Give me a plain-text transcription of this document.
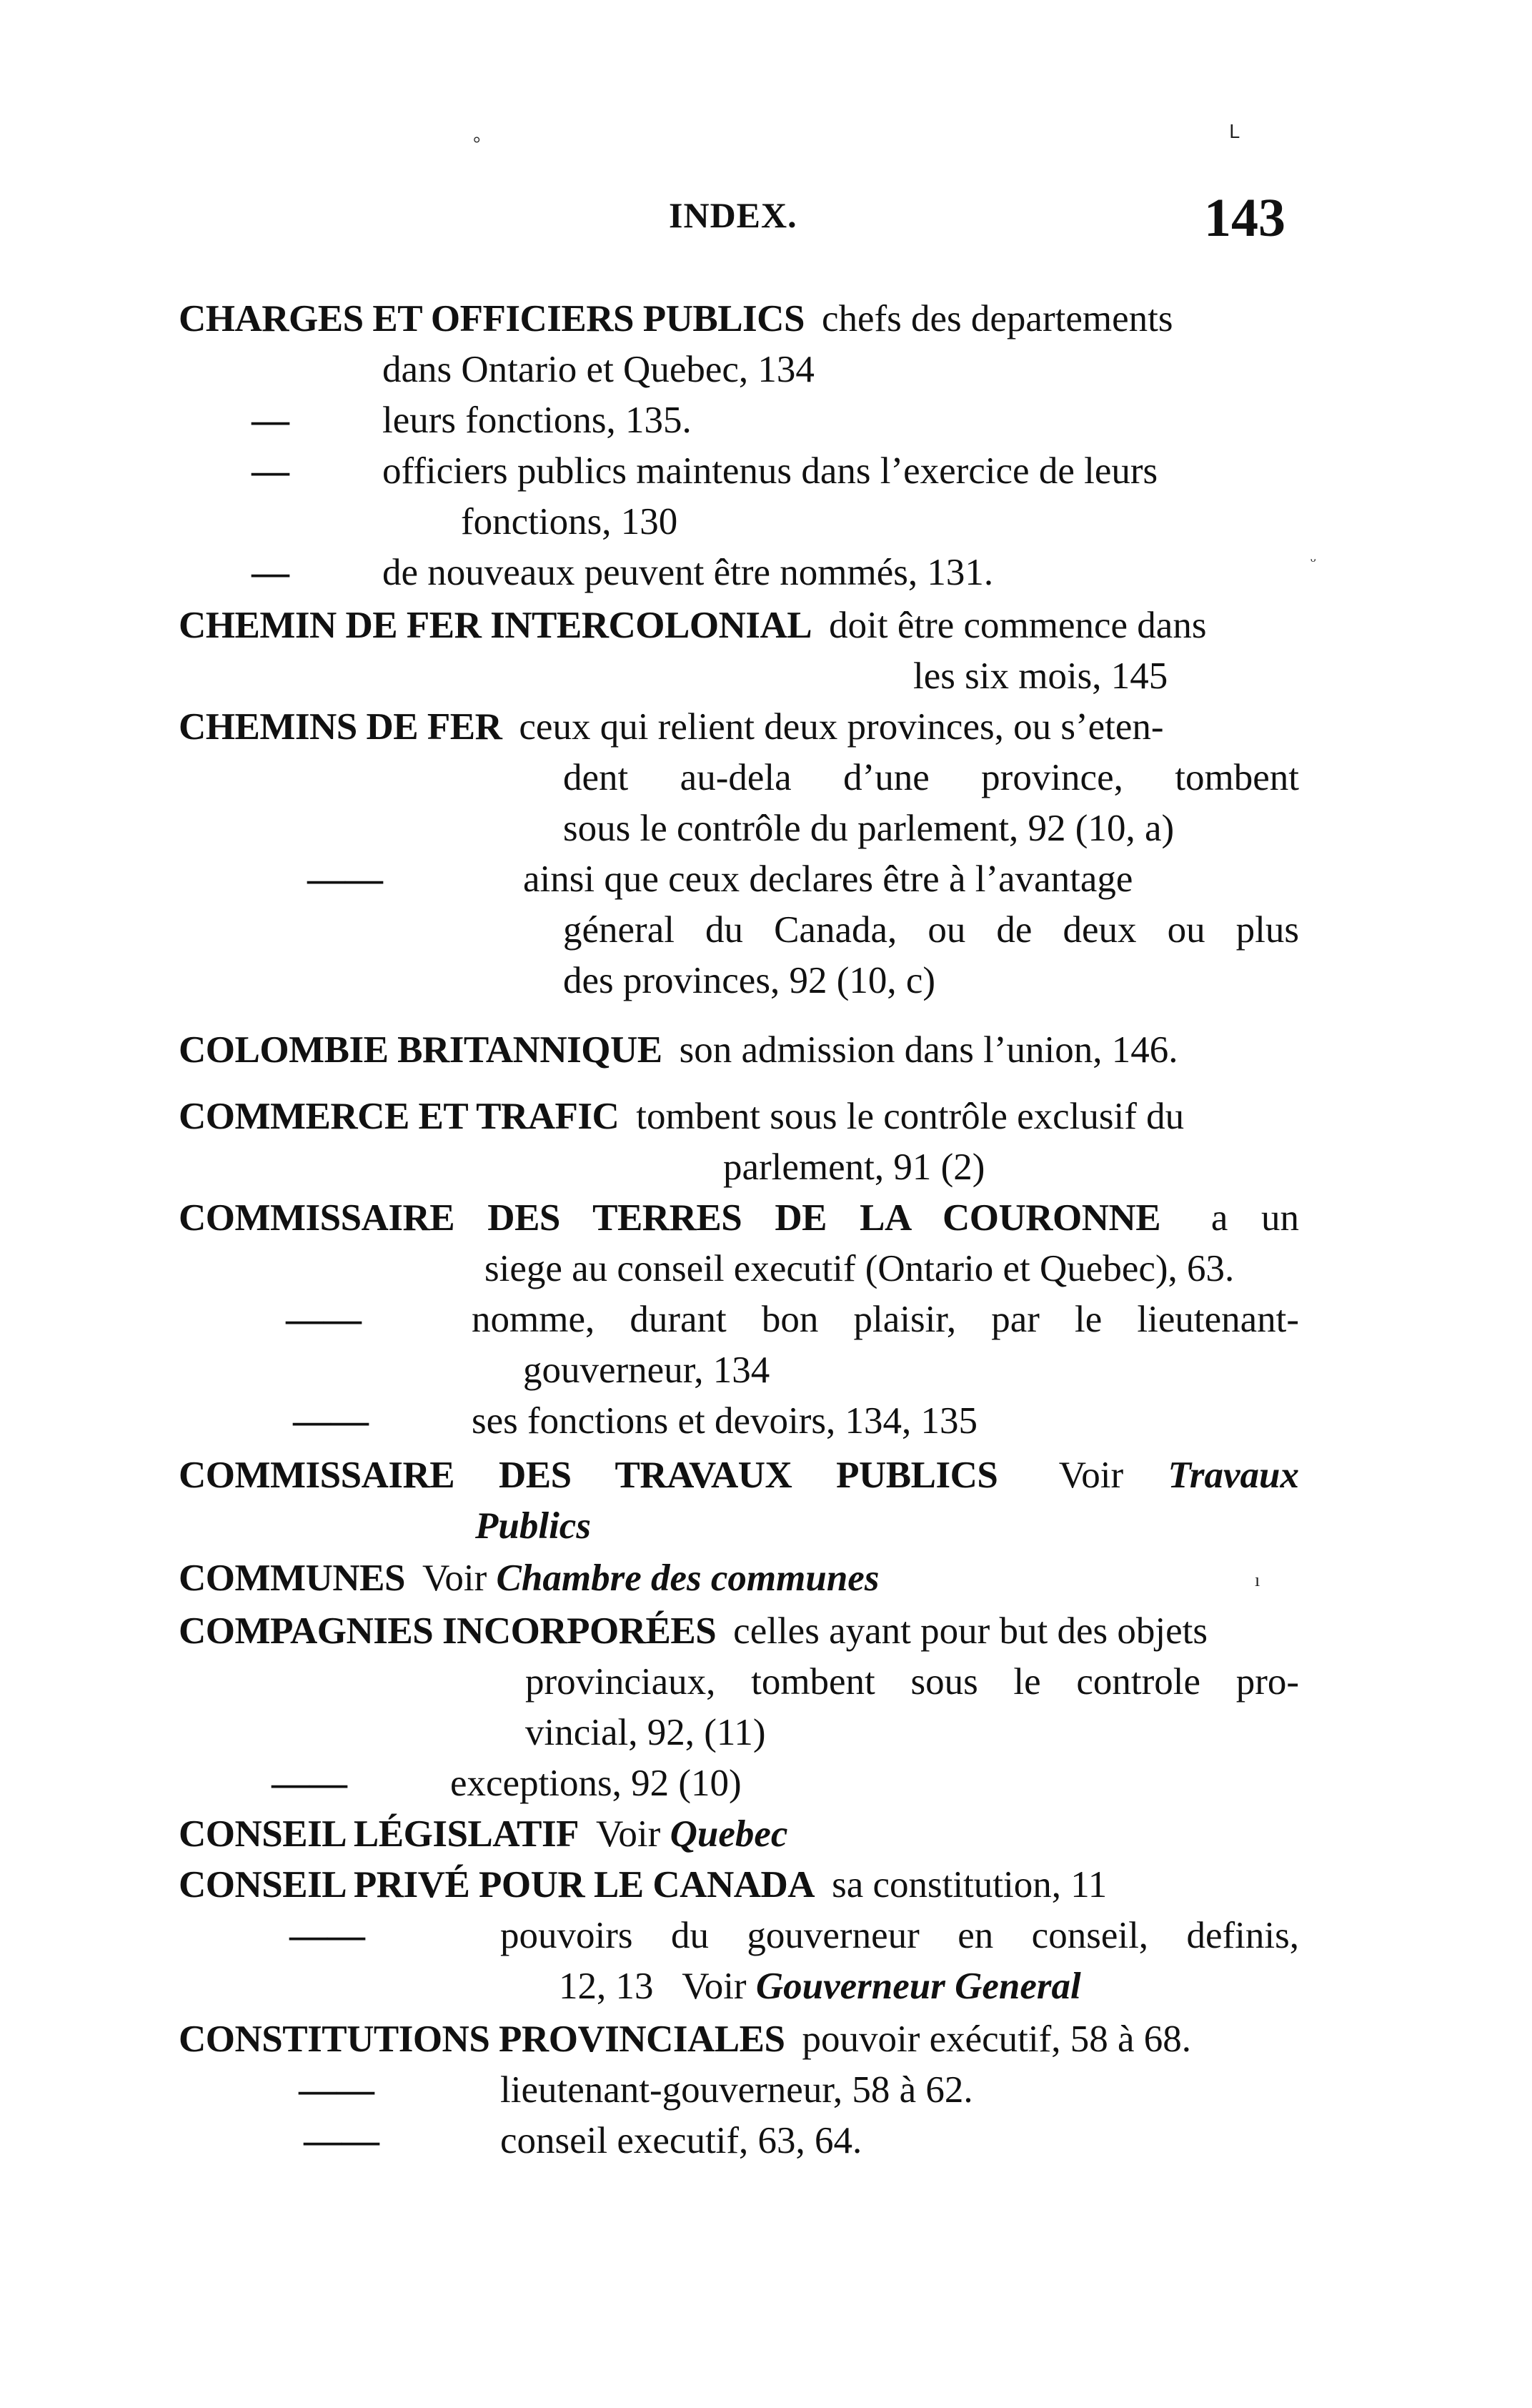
°
ᒪ
ᵕ
ı
INDEX.	143
CHARGES ET OFFICIERS PUBLICS chefs des departements
dans Ontario et Quebec, 134
— leurs fonctions, 135.
— officiers publics maintenus dans l’exercice de leurs
fonctions, 130
— de nouveaux peuvent être nommés, 131.
CHEMIN DE FER INTERCOLONIAL doit être commence dans
les six mois, 145
CHEMINS DE FER ceux qui relient deux provinces, ou s’eten-
dent au-dela d’une province, tombent
sous le contrôle du parlement, 92 (10, a)
——	ainsi que ceux declares être à l’avantage
géneral du Canada, ou de deux ou plus
des provinces, 92 (10, c)
COLOMBIE BRITANNIQUE son admission dans l’union, 146.
COMMERCE ET TRAFIC tombent sous le contrôle exclusif du
parlement, 91 (2)
COMMISSAIRE DES TERRES DE LA COURONNE a un
siege au conseil executif (Ontario et Quebec), 63.
——	nomme, durant bon plaisir, par le lieutenant-
gouverneur, 134
——	ses fonctions et devoirs, 134, 135
COMMISSAIRE DES TRAVAUX PUBLICS Voir Travaux
Publics
COMMUNES Voir Chambre des communes
COMPAGNIES INCORPORÉES celles ayant pour but des objets
provinciaux, tombent sous le controle pro-
vincial, 92, (11)
——	exceptions, 92 (10)
CONSEIL LÉGISLATIF Voir Quebec
CONSEIL PRIVÉ POUR LE CANADA sa constitution, 11
——	pouvoirs du gouverneur en conseil, definis,
12, 13 Voir Gouverneur General
CONSTITUTIONS PROVINCIALES pouvoir exécutif, 58 à 68.
——	lieutenant-gouverneur, 58 à 62.
——	conseil executif, 63, 64.
